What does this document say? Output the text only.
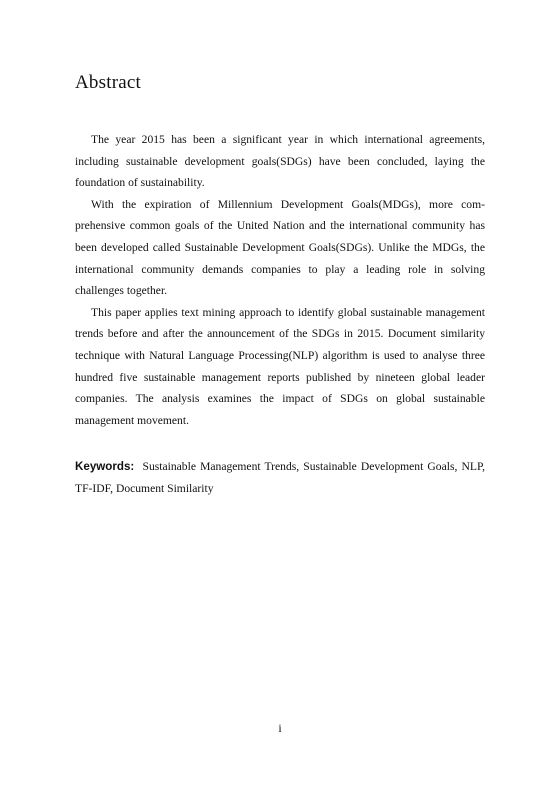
Abstract

The year 2015 has been a significant year in which international agreements, including sustainable development goals(SDGs) have been concluded, laying the foundation of sustainability.

With the expiration of Millennium Development Goals(MDGs), more comprehensive common goals of the United Nation and the international community has been developed called Sustainable Development Goals(SDGs). Unlike the MDGs, the international community demands companies to play a leading role in solving challenges together.

This paper applies text mining approach to identify global sustainable management trends before and after the announcement of the SDGs in 2015. Document similarity technique with Natural Language Processing(NLP) algorithm is used to analyse three hundred five sustainable management reports published by nineteen global leader companies. The analysis examines the impact of SDGs on global sustainable management movement.

Keywords: Sustainable Management Trends, Sustainable Development Goals, NLP, TF-IDF, Document Similarity

i
